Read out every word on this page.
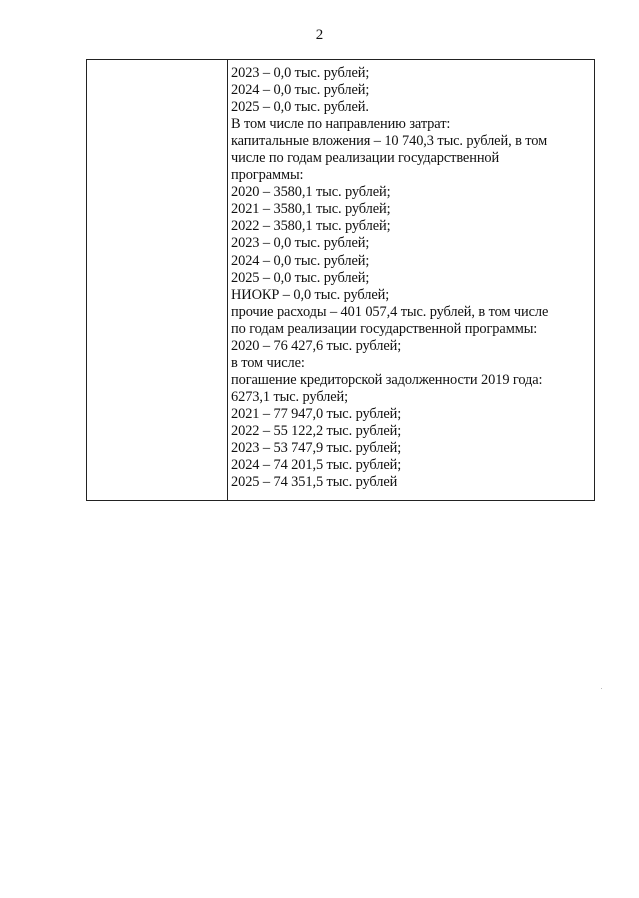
2
2023 – 0,0 тыс. рублей;
2024 – 0,0 тыс. рублей;
2025 – 0,0 тыс. рублей.
В том числе по направлению затрат:
капитальные вложения – 10 740,3 тыс. рублей, в том
числе по годам реализации государственной
программы:
2020 – 3580,1 тыс. рублей;
2021 – 3580,1 тыс. рублей;
2022 – 3580,1 тыс. рублей;
2023 – 0,0 тыс. рублей;
2024 – 0,0 тыс. рублей;
2025 – 0,0 тыс. рублей;
НИОКР – 0,0 тыс. рублей;
прочие расходы – 401 057,4 тыс. рублей, в том числе
по годам реализации государственной программы:
2020 – 76 427,6 тыс. рублей;
в том числе:
погашение кредиторской задолженности 2019 года:
6273,1 тыс. рублей;
2021 – 77 947,0 тыс. рублей;
2022 – 55 122,2 тыс. рублей;
2023 – 53 747,9 тыс. рублей;
2024 – 74 201,5 тыс. рублей;
2025 – 74 351,5 тыс. рублей
